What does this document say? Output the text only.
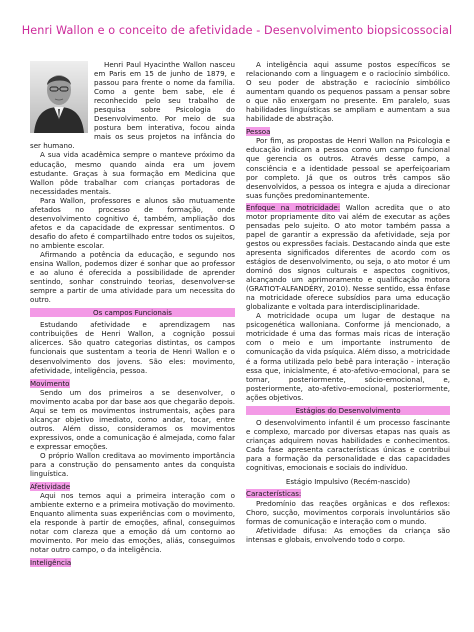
Henri Wallon e o conceito de afetividade - Desenvolvimento biopsicossocial

Henri Paul Hyacinthe Wallon nasceu em Paris em 15 de junho de 1879, e passou para frente o nome da família. Como a gente bem sabe, ele é reconhecido pelo seu trabalho de pesquisa sobre Psicologia do Desenvolvimento. Por meio de sua postura bem interativa, focou ainda mais os seus projetos na infância do ser humano.

A sua vida acadêmica sempre o manteve próximo da educação, mesmo quando ainda era um jovem estudante. Graças à sua formação em Medicina que Wallon pôde trabalhar com crianças portadoras de necessidades mentais.

Para Wallon, professores e alunos são mutuamente afetados no processo de formação, onde desenvolvimento cognitivo é, também, ampliação dos afetos e da capacidade de expressar sentimentos. O desafio do afeto é compartilhado entre todos os sujeitos, no ambiente escolar.

Afirmando a potência da educação, e segundo nos ensina Wallon, podemos dizer é sonhar que ao professor e ao aluno é oferecida a possibilidade de aprender sentindo, sonhar construindo teorias, desenvolver-se sempre a partir de uma atividade para um necessita do outro.

Os campos Funcionais

Estudando afetividade e aprendizagem nas contribuições de Henri Wallon, a cognição possui alicerces. São quatro categorias distintas, os campos funcionais que sustentam a teoria de Henri Wallon e o desenvolvimento dos jovens. São eles: movimento, afetividade, inteligência, pessoa.

Movimento

Sendo um dos primeiros a se desenvolver, o movimento acaba por dar base aos que chegarão depois. Aqui se tem os movimentos instrumentais, ações para alcançar objetivo imediato, como andar, tocar, entre outros. Além disso, consideramos os movimentos expressivos, onde a comunicação é almejada, como falar e expressar emoções.

O próprio Wallon creditava ao movimento importância para a construção do pensamento antes da conquista linguística.

Afetividade

Aqui nos temos aqui a primeira interação com o ambiente externo e a primeira motivação do movimento. Enquanto alimenta suas experiências com o movimento, ela responde à partir de emoções, afinal, conseguimos notar com clareza que a emoção dá um contorno ao movimento. Por meio das emoções, aliás, conseguimos notar outro campo, o da inteligência.

Inteligência

A inteligência aqui assume postos específicos se relacionando com a linguagem e o raciocínio simbólico. O seu poder de abstração e raciocínio simbólico aumentam quando os pequenos passam a pensar sobre o que não enxergam no presente. Em paralelo, suas habilidades linguísticas se ampliam e aumentam a sua habilidade de abstração.

Pessoa

Por fim, as propostas de Henri Wallon na Psicologia e educação indicam a pessoa como um campo funcional que gerencia os outros. Através desse campo, a consciência e a identidade pessoal se aperfeiçoariam por completo. Já que os outros três campos são desenvolvidos, a pessoa os integra e ajuda a direcionar suas funções predominantemente.

Enfoque na motricidade: Wallon acredita que o ato motor propriamente dito vai além de executar as ações pensadas pelo sujeito. O ato motor também passa a papel de garantir a expressão da afetividade, seja por gestos ou expressões faciais. Destacando ainda que este apresenta significados diferentes de acordo com os estágios de desenvolvimento, ou seja, o ato motor é um dominó dos signos culturais e aspectos cognitivos, alcançando um aprimoramento e qualificação motora (GRATIOT-ALFANDÉRY, 2010). Nesse sentido, essa ênfase na motricidade oferece subsídios para uma educação globalizante e voltada para interdisciplinaridade.

A motricidade ocupa um lugar de destaque na psicogenética walloniana. Conforme já mencionado, a motricidade é uma das formas mais ricas de interação com o meio e um importante instrumento de comunicação da vida psíquica. Além disso, a motricidade é a forma utilizada pelo bebê para interação - interação essa que, inicialmente, é ato-afetivo-emocional, para se tornar, posteriormente, sócio-emocional, e, posteriormente, ato-afetivo-emocional, posteriormente, ações objetivos.

Estágios do Desenvolvimento

O desenvolvimento infantil é um processo fascinante e complexo, marcado por diversas etapas nas quais as crianças adquirem novas habilidades e conhecimentos. Cada fase apresenta características únicas e contribui para a formação da personalidade e das capacidades cognitivas, emocionais e sociais do indivíduo.

Estágio Impulsivo (Recém-nascido)
Características:

Predomínio das reações orgânicas e dos reflexos: Choro, sucção, movimentos corporais involuntários são formas de comunicação e interação com o mundo.

Afetividade difusa: As emoções da criança são intensas e globais, envolvendo todo o corpo.
